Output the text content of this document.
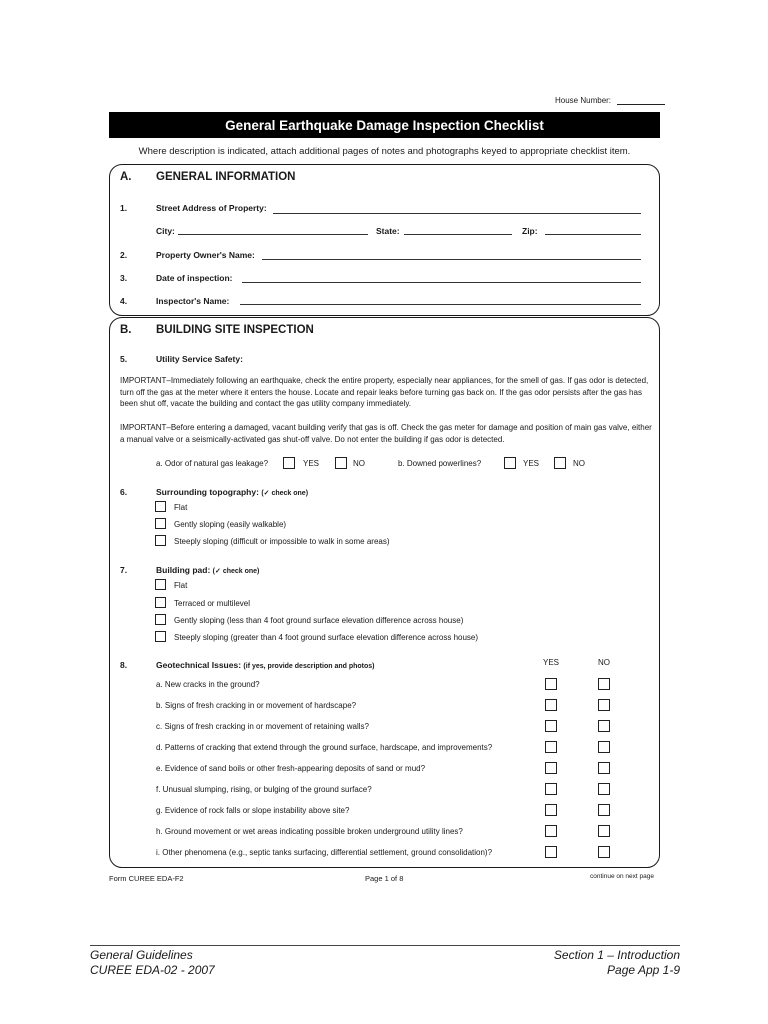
House Number:
General Earthquake Damage Inspection Checklist
Where description is indicated, attach additional pages of notes and photographs keyed to appropriate checklist item.
A. GENERAL INFORMATION
1.	Street Address of Property:
City:	State:	Zip:
2.	Property Owner's Name:
3.	Date of inspection:
4.	Inspector's Name:
B. BUILDING SITE INSPECTION
5.	Utility Service Safety:
IMPORTANT–Immediately following an earthquake, check the entire property, especially near appliances, for the smell of gas. If gas odor is detected, turn off the gas at the meter where it enters the house. Locate and repair leaks before turning gas back on. If the gas odor persists after the gas has been shut off, vacate the building and contact the gas utility company immediately.
IMPORTANT–Before entering a damaged, vacant building verify that gas is off. Check the gas meter for damage and position of main gas valve, either a manual valve or a seismically-activated gas shut-off valve. Do not enter the building if gas odor is detected.
a. Odor of natural gas leakage?	YES	NO	b. Downed powerlines?	YES	NO
6.	Surrounding topography: (✓ check one)
Flat
Gently sloping (easily walkable)
Steeply sloping (difficult or impossible to walk in some areas)
7.	Building pad: (✓ check one)
Flat
Terraced or multilevel
Gently sloping (less than 4 foot ground surface elevation difference across house)
Steeply sloping (greater than 4 foot ground surface elevation difference across house)
8.	Geotechnical Issues: (if yes, provide description and photos)	YES	NO
a. New cracks in the ground?
b. Signs of fresh cracking in or movement of hardscape?
c. Signs of fresh cracking in or movement of retaining walls?
d. Patterns of cracking that extend through the ground surface, hardscape, and improvements?
e. Evidence of sand boils or other fresh-appearing deposits of sand or mud?
f. Unusual slumping, rising, or bulging of the ground surface?
g. Evidence of rock falls or slope instability above site?
h. Ground movement or wet areas indicating possible broken underground utility lines?
i. Other phenomena (e.g., septic tanks surfacing, differential settlement, ground consolidation)?
Form CUREE EDA-F2	Page 1 of 8	continue on next page
General Guidelines
CUREE EDA-02 - 2007
Section 1 – Introduction
Page App 1-9
